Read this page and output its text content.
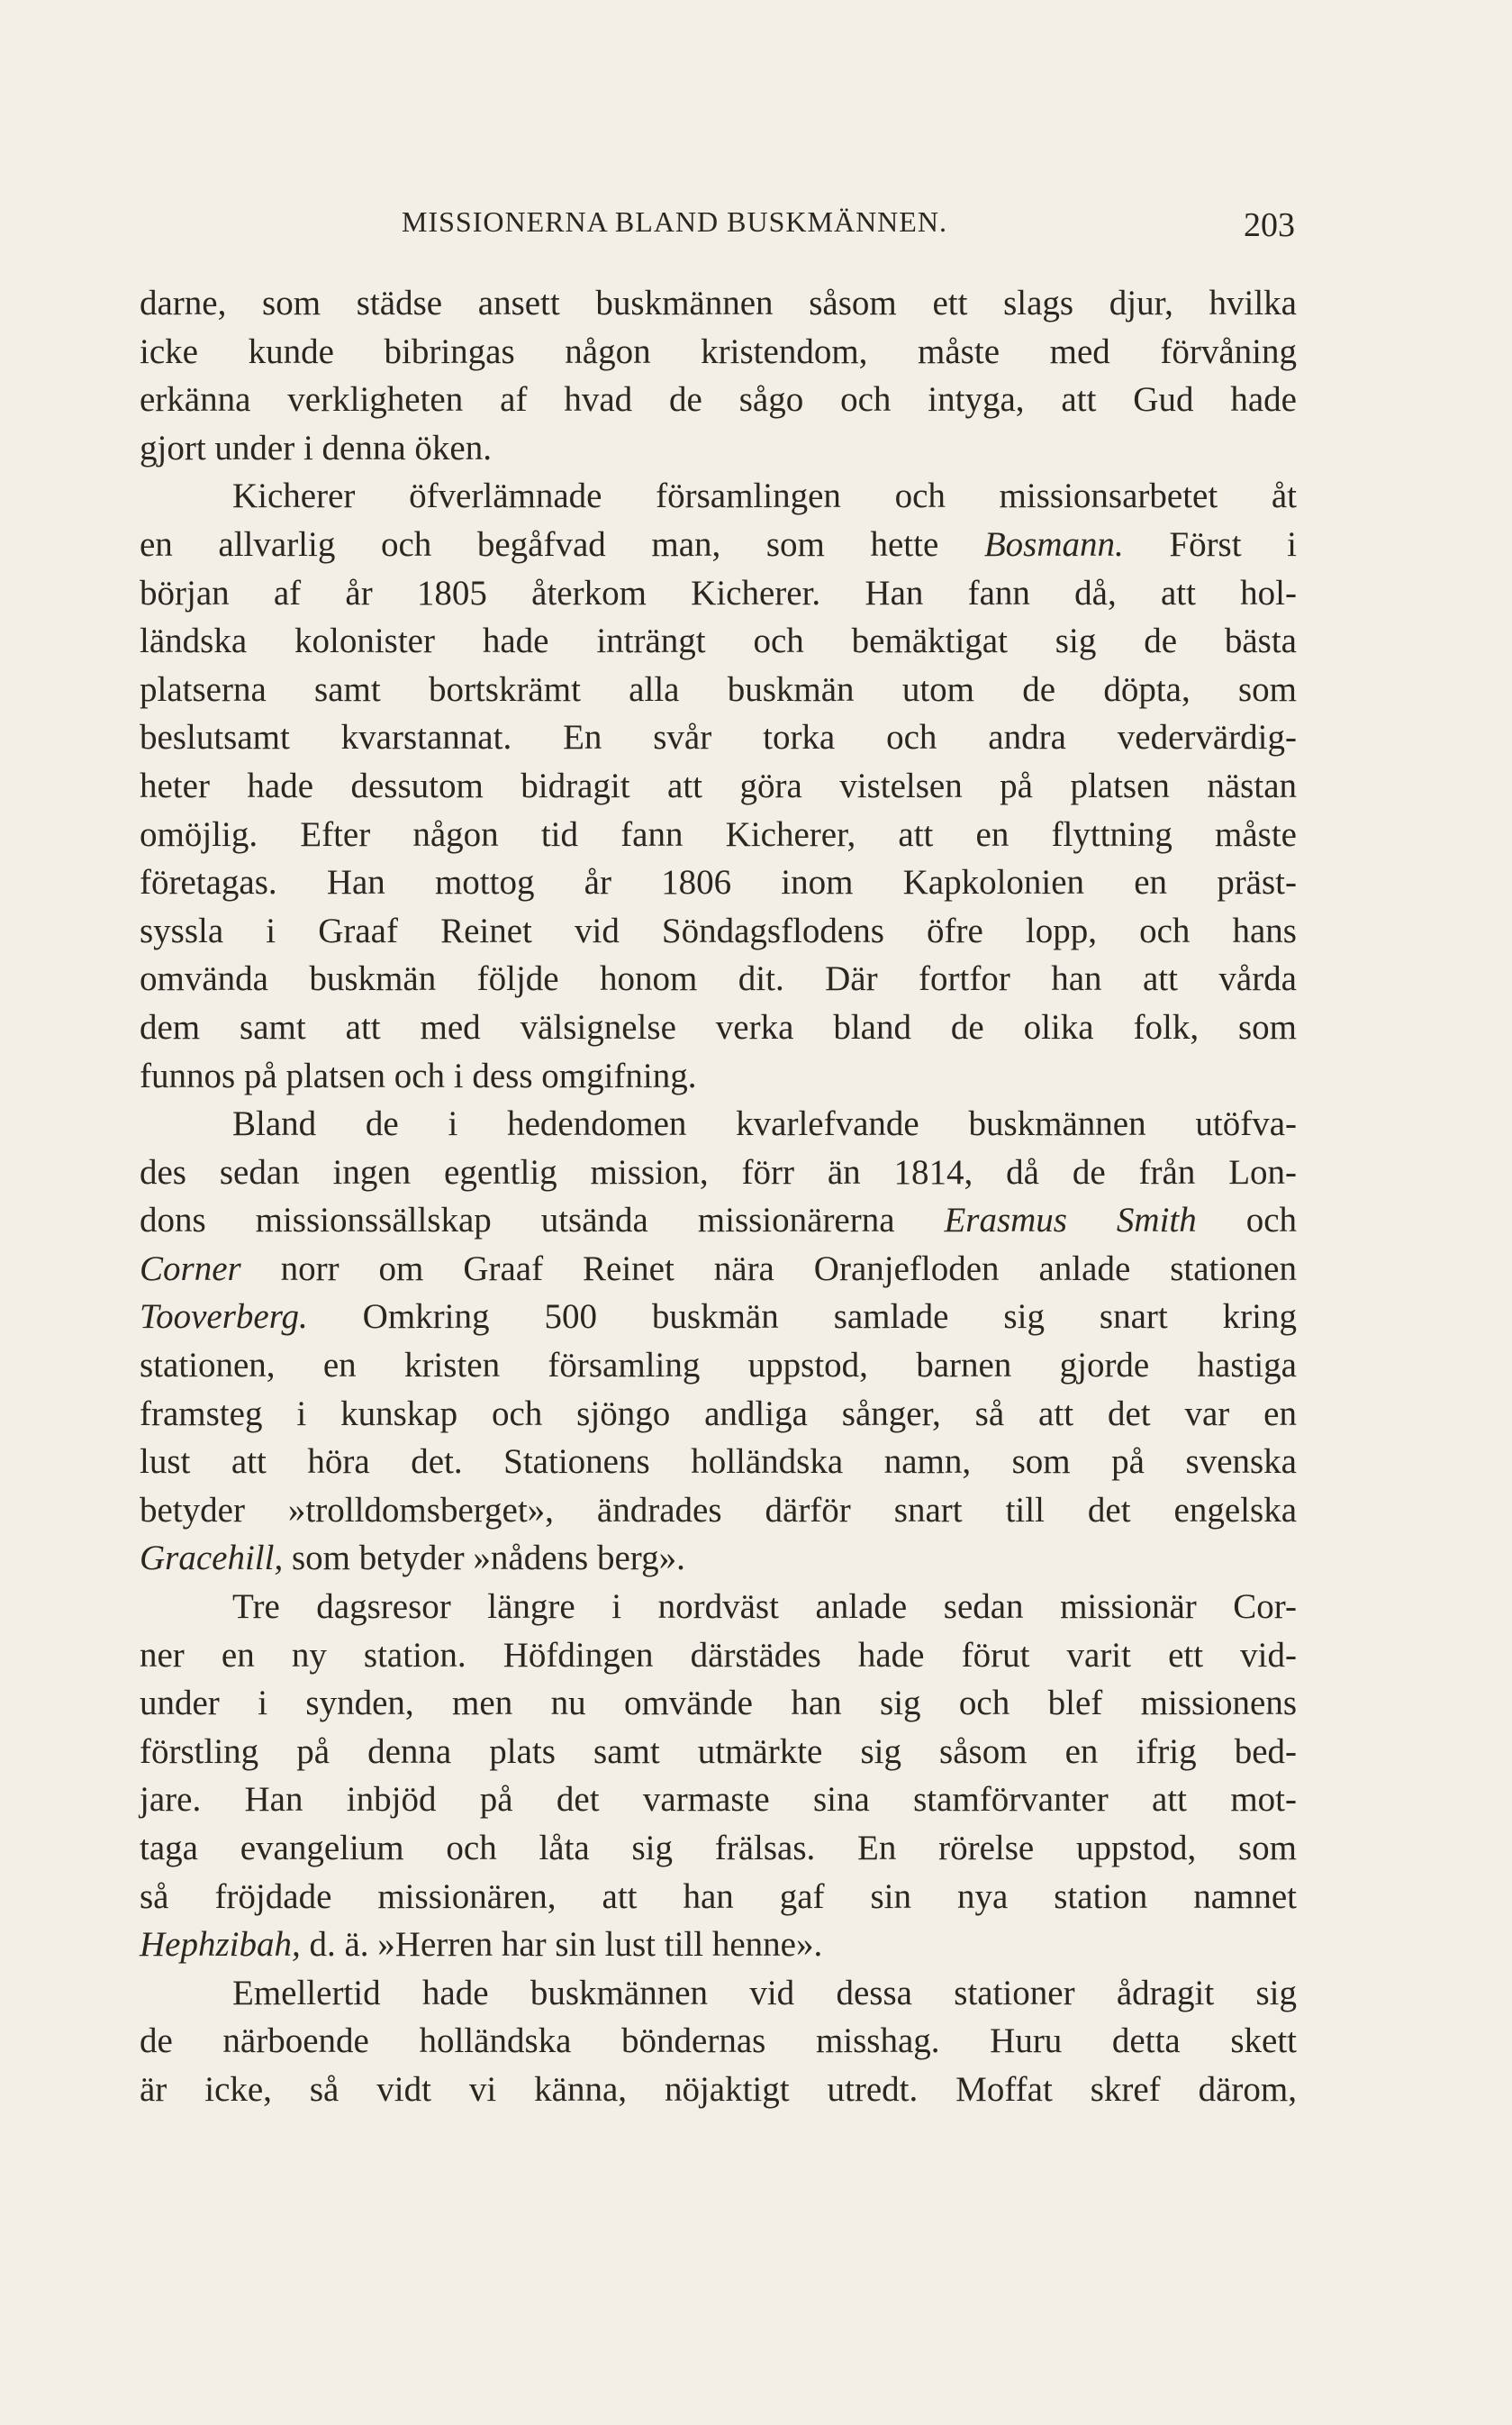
MISSIONERNA BLAND BUSKMÄNNEN.	203
darne, som städse ansett buskmännen såsom ett slags djur, hvilka
icke kunde bibringas någon kristendom, måste med förvåning
erkänna verkligheten af hvad de sågo och intyga, att Gud hade
gjort under i denna öken.
Kicherer öfverlämnade församlingen och missionsarbetet åt
en allvarlig och begåfvad man, som hette Bosmann. Först i
början af år 1805 återkom Kicherer. Han fann då, att hol-
ländska kolonister hade inträngt och bemäktigat sig de bästa
platserna samt bortskrämt alla buskmän utom de döpta, som
beslutsamt kvarstannat. En svår torka och andra vedervärdig-
heter hade dessutom bidragit att göra vistelsen på platsen nästan
omöjlig. Efter någon tid fann Kicherer, att en flyttning måste
företagas. Han mottog år 1806 inom Kapkolonien en präst-
syssla i Graaf Reinet vid Söndagsflodens öfre lopp, och hans
omvända buskmän följde honom dit. Där fortfor han att vårda
dem samt att med välsignelse verka bland de olika folk, som
funnos på platsen och i dess omgifning.
Bland de i hedendomen kvarlefvande buskmännen utöfva-
des sedan ingen egentlig mission, förr än 1814, då de från Lon-
dons missionssällskap utsända missionärerna Erasmus Smith och
Corner norr om Graaf Reinet nära Oranjefloden anlade stationen
Tooverberg. Omkring 500 buskmän samlade sig snart kring
stationen, en kristen församling uppstod, barnen gjorde hastiga
framsteg i kunskap och sjöngo andliga sånger, så att det var en
lust att höra det. Stationens holländska namn, som på svenska
betyder »trolldomsberget», ändrades därför snart till det engelska
Gracehill, som betyder »nådens berg».
Tre dagsresor längre i nordväst anlade sedan missionär Cor-
ner en ny station. Höfdingen därstädes hade förut varit ett vid-
under i synden, men nu omvände han sig och blef missionens
förstling på denna plats samt utmärkte sig såsom en ifrig bed-
jare. Han inbjöd på det varmaste sina stamförvanter att mot-
taga evangelium och låta sig frälsas. En rörelse uppstod, som
så fröjdade missionären, att han gaf sin nya station namnet
Hephzibah, d. ä. »Herren har sin lust till henne».
Emellertid hade buskmännen vid dessa stationer ådragit sig
de närboende holländska böndernas misshag. Huru detta skett
är icke, så vidt vi känna, nöjaktigt utredt. Moffat skref därom,
